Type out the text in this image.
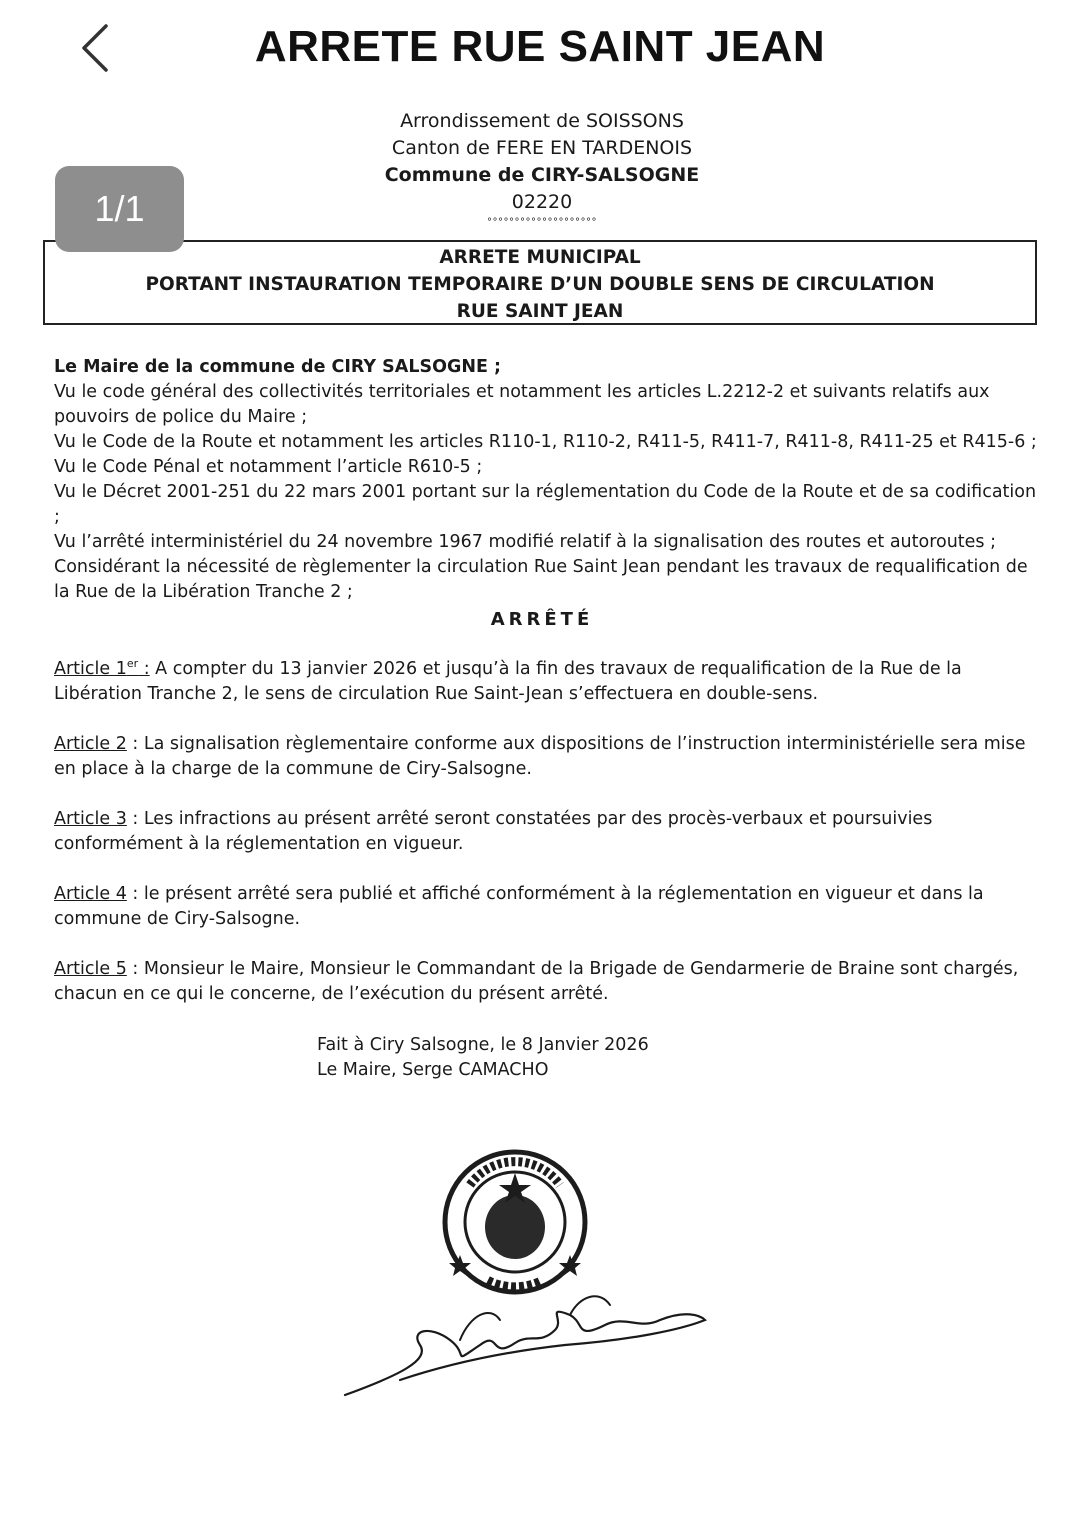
ARRETE RUE SAINT JEAN
1/1
Arrondissement de SOISSONS
Canton de FERE EN TARDENOIS
Commune de CIRY-SALSOGNE
02220
°°°°°°°°°°°°°°°°°°°°
ARRETE MUNICIPAL
PORTANT INSTAURATION TEMPORAIRE D’UN DOUBLE SENS DE CIRCULATION
RUE SAINT JEAN
Le Maire de la commune de CIRY SALSOGNE ;
Vu le code général des collectivités territoriales et notamment les articles L.2212-2 et suivants relatifs aux pouvoirs de police du Maire ;
Vu le Code de la Route et notamment les articles R110-1, R110-2, R411-5, R411-7, R411-8, R411-25 et R415-6 ;
Vu le Code Pénal et notamment l’article R610-5 ;
Vu le Décret 2001-251 du 22 mars 2001 portant sur la réglementation du Code de la Route et de sa codification ;
Vu l’arrêté interministériel du 24 novembre 1967 modifié relatif à la signalisation des routes et autoroutes ;
Considérant la nécessité de règlementer la circulation Rue Saint Jean pendant les travaux de requalification de la Rue de la Libération Tranche 2 ;
ARRÊTÉ

Article 1er : A compter du 13 janvier 2026 et jusqu’à la fin des travaux de requalification de la Rue de la Libération Tranche 2, le sens de circulation Rue Saint-Jean s’effectuera en double-sens.

Article 2 : La signalisation règlementaire conforme aux dispositions de l’instruction interministérielle sera mise en place à la charge de la commune de Ciry-Salsogne.

Article 3 : Les infractions au présent arrêté seront constatées par des procès-verbaux et poursuivies conformément à la réglementation en vigueur.

Article 4 : le présent arrêté sera publié et affiché conformément à la réglementation en vigueur et dans la commune de Ciry-Salsogne.

Article 5 : Monsieur le Maire, Monsieur le Commandant de la Brigade de Gendarmerie de Braine sont chargés, chacun en ce qui le concerne, de l’exécution du présent arrêté.

Fait à Ciry Salsogne, le 8 Janvier 2026
Le Maire, Serge CAMACHO
